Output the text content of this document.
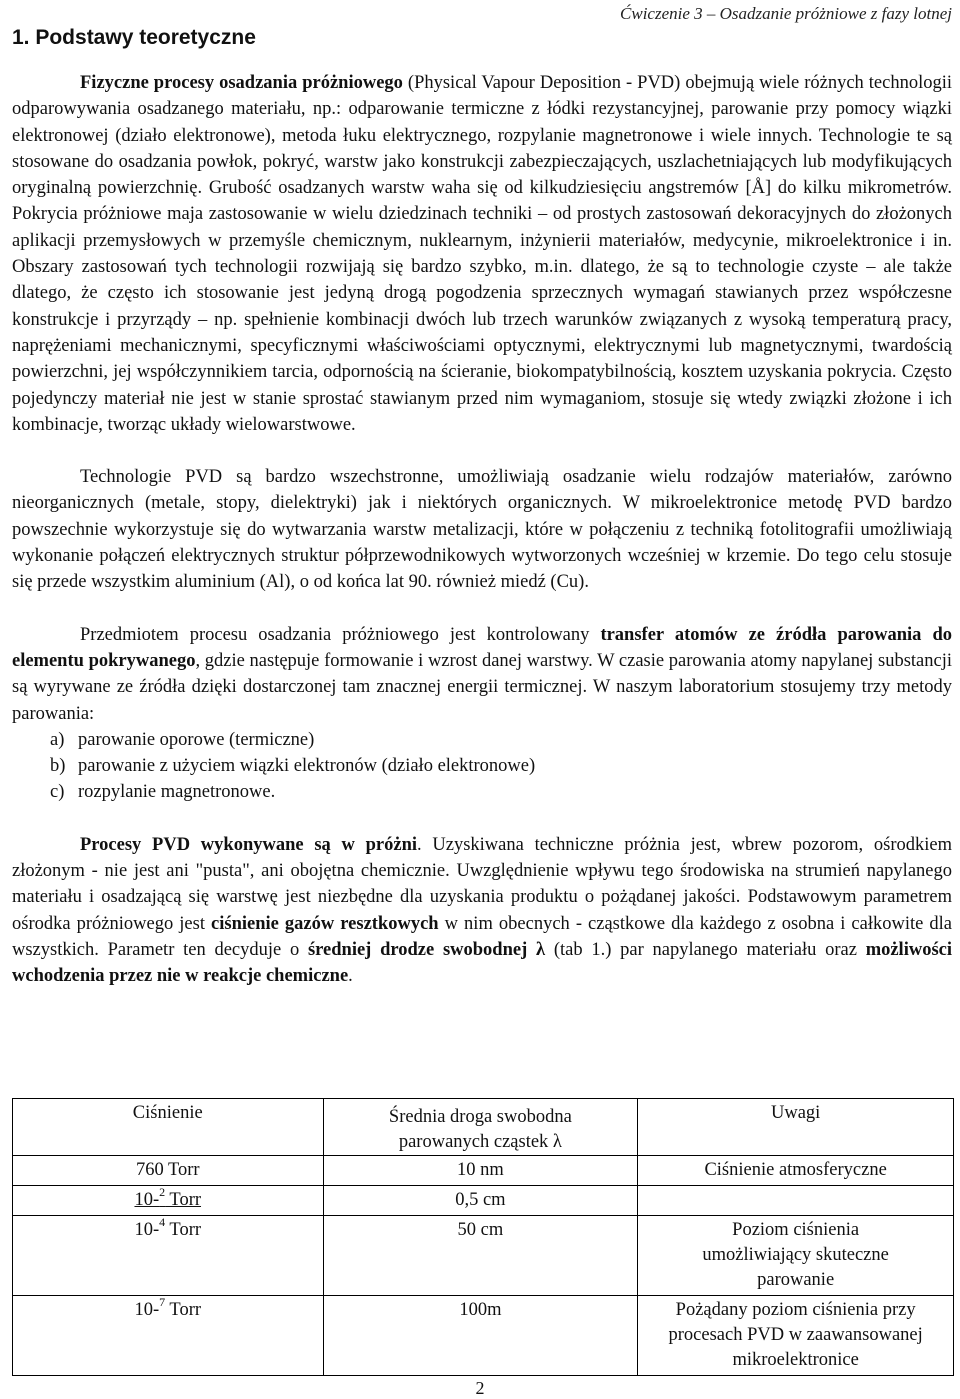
1. Podstawy teoretyczne
Ćwiczenie 3 – Osadzanie próżniowe z fazy lotnej

Fizyczne procesy osadzania próżniowego (Physical Vapour Deposition - PVD) obejmują wiele różnych technologii odparowywania osadzanego materiału, np.: odparowanie termiczne z łódki rezystancyjnej, parowanie przy pomocy wiązki elektronowej (działo elektronowe), metoda łuku elektrycznego, rozpylanie magnetronowe i wiele innych. Technologie te są stosowane do osadzania powłok, pokryć, warstw jako konstrukcji zabezpieczających, uszlachetniających lub modyfikujących oryginalną powierzchnię. Grubość osadzanych warstw waha się od kilkudziesięciu angstremów [Å] do kilku mikrometrów. Pokrycia próżniowe maja zastosowanie w wielu dziedzinach techniki – od prostych zastosowań dekoracyjnych do złożonych aplikacji przemysłowych w przemyśle chemicznym, nuklearnym, inżynierii materiałów, medycynie, mikroelektronice i in. Obszary zastosowań tych technologii rozwijają się bardzo szybko, m.in. dlatego, że są to technologie czyste – ale także dlatego, że często ich stosowanie jest jedyną drogą pogodzenia sprzecznych wymagań stawianych przez współczesne konstrukcje i przyrządy – np. spełnienie kombinacji dwóch lub trzech warunków związanych z wysoką temperaturą pracy, naprężeniami mechanicznymi, specyficznymi właściwościami optycznymi, elektrycznymi lub magnetycznymi, twardością powierzchni, jej współczynnikiem tarcia, odpornością na ścieranie, biokompatybilnością, kosztem uzyskania pokrycia. Często pojedynczy materiał nie jest w stanie sprostać stawianym przed nim wymaganiom, stosuje się wtedy związki złożone i ich kombinacje, tworząc układy wielowarstwowe.

Technologie PVD są bardzo wszechstronne, umożliwiają osadzanie wielu rodzajów materiałów, zarówno nieorganicznych (metale, stopy, dielektryki) jak i niektórych organicznych. W mikroelektronice metodę PVD bardzo powszechnie wykorzystuje się do wytwarzania warstw metalizacji, które w połączeniu z techniką fotolitografii umożliwiają wykonanie połączeń elektrycznych struktur półprzewodnikowych wytworzonych wcześniej w krzemie. Do tego celu stosuje się przede wszystkim aluminium (Al), o od końca lat 90. również miedź (Cu).

Przedmiotem procesu osadzania próżniowego jest kontrolowany transfer atomów ze źródła parowania do elementu pokrywanego, gdzie następuje formowanie i wzrost danej warstwy. W czasie parowania atomy napylanej substancji są wyrywane ze źródła dzięki dostarczonej tam znacznej energii termicznej. W naszym laboratorium stosujemy trzy metody parowania:

a) parowanie oporowe (termiczne)
b) parowanie z użyciem wiązki elektronów (działo elektronowe)
c) rozpylanie magnetronowe.

Procesy PVD wykonywane są w próżni. Uzyskiwana techniczne próżnia jest, wbrew pozorom, ośrodkiem złożonym - nie jest ani "pusta", ani obojętna chemicznie. Uwzględnienie wpływu tego środowiska na strumień napylanego materiału i osadzającą się warstwę jest niezbędne dla uzyskania produktu o pożądanej jakości. Podstawowym parametrem ośrodka próżniowego jest ciśnienie gazów resztkowych w nim obecnych - cząstkowe dla każdego z osobna i całkowite dla wszystkich. Parametr ten decyduje o średniej drodze swobodnej λ (tab 1.) par napylanego materiału oraz możliwości wchodzenia przez nie w reakcje chemiczne.

Ciśnienie	Średnia droga swobodna parowanych cząstek λ	Uwagi
760 Torr	10 nm	Ciśnienie atmosferyczne
10-$^2$ Torr	0,5 cm	
10-$^4$ Torr	50 cm	Poziom ciśnienia umożliwiający skuteczne parowanie
10-$^7$ Torr	100m	Pożądany poziom ciśnienia przy procesach PVD w zaawansowanej mikroelektronice
2
